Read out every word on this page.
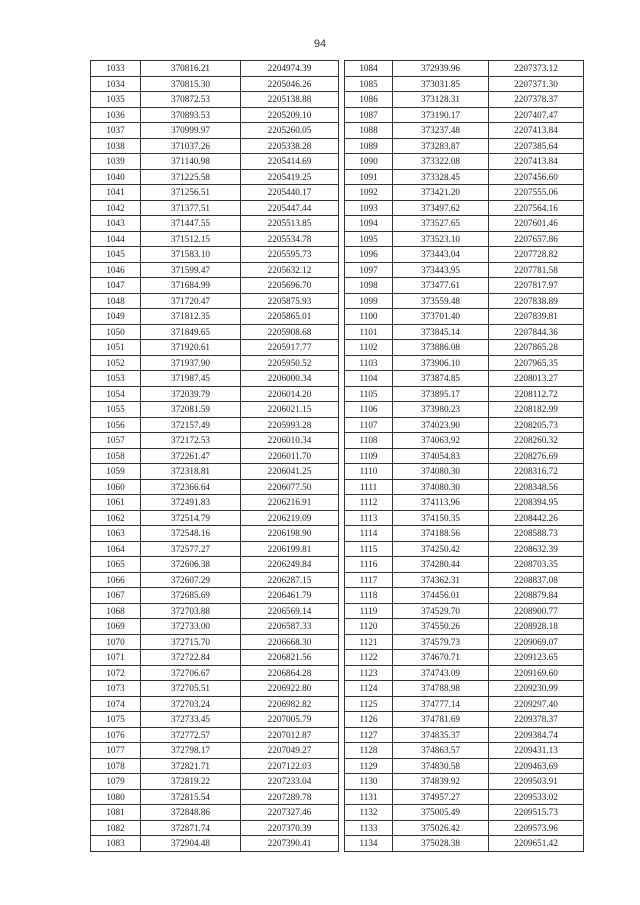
94
1033	370816.21	2204974.39
1034	370815.30	2205046.26
1035	370872.53	2205138.88
1036	370893.53	2205209.10
1037	370999.97	2205260.05
1038	371037.26	2205338.28
1039	371140.98	2205414.69
1040	371225.58	2205419.25
1041	371256.51	2205440.17
1042	371377.51	2205447.44
1043	371447.55	2205513.85
1044	371512.15	2205534.78
1045	371583.10	2205595.73
1046	371599.47	2205632.12
1047	371684.99	2205696.70
1048	371720.47	2205875.93
1049	371812.35	2205865.01
1050	371849.65	2205908.68
1051	371920.61	2205917.77
1052	371937.90	2205950.52
1053	371987.45	2206000.34
1054	372039.79	2206014.20
1055	372081.59	2206021.15
1056	372157.49	2205993.28
1057	372172.53	2206010.34
1058	372261.47	2206011.70
1059	372318.81	2206041.25
1060	372366.64	2206077.50
1061	372491.83	2206216.91
1062	372514.79	2206219.09
1063	372548.16	2206198.90
1064	372577.27	2206199.81
1065	372606.38	2206249.84
1066	372607.29	2206287.15
1067	372685.69	2206461.79
1068	372703.88	2206569.14
1069	372733.00	2206587.33
1070	372715.70	2206668.30
1071	372722.84	2206821.56
1072	372706.67	2206864.28
1073	372705.51	2206922.80
1074	372703.24	2206982.82
1075	372733.45	2207005.79
1076	372772.57	2207012.87
1077	372798.17	2207049.27
1078	372821.71	2207122.03
1079	372819.22	2207233.04
1080	372815.54	2207289.78
1081	372848.86	2207327.46
1082	372871.74	2207370.39
1083	372904.48	2207390.41
1084	372939.96	2207373.12
1085	373031.85	2207371.30
1086	373128.31	2207378.37
1087	373190.17	2207407.47
1088	373237.48	2207413.84
1089	373283.87	2207385.64
1090	373322.08	2207413.84
1091	373328.45	2207456.60
1092	373421.20	2207555.06
1093	373497.62	2207564.16
1094	373527.65	2207601.46
1095	373523.10	2207657.86
1096	373443.04	2207728.82
1097	373443.95	2207781.58
1098	373477.61	2207817.97
1099	373559.48	2207838.89
1100	373701.40	2207839.81
1101	373845.14	2207844.36
1102	373886.08	2207865.28
1103	373906.10	2207965.35
1104	373874.85	2208013.27
1105	373895.17	2208112.72
1106	373980.23	2208182.99
1107	374023.90	2208205.73
1108	374063.92	2208260.32
1109	374054.83	2208276.69
1110	374080.30	2208316.72
1111	374080.30	2208348.56
1112	374113.96	2208394.95
1113	374150.35	2208442.26
1114	374188.56	2208588.73
1115	374250.42	2208632.39
1116	374280.44	2208703.35
1117	374362.31	2208837.08
1118	374456.01	2208879.84
1119	374529.70	2208900.77
1120	374550.26	2208928.18
1121	374579.73	2209069.07
1122	374670.71	2209123.65
1123	374743.09	2209169.60
1124	374788.98	2209230.99
1125	374777.14	2209297.40
1126	374781.69	2209378.37
1127	374835.37	2209384.74
1128	374863.57	2209431.13
1129	374830.58	2209463.69
1130	374839.92	2209503.91
1131	374957.27	2209533.02
1132	375005.49	2209515.73
1133	375026.42	2209573.96
1134	375028.38	2209651.42
